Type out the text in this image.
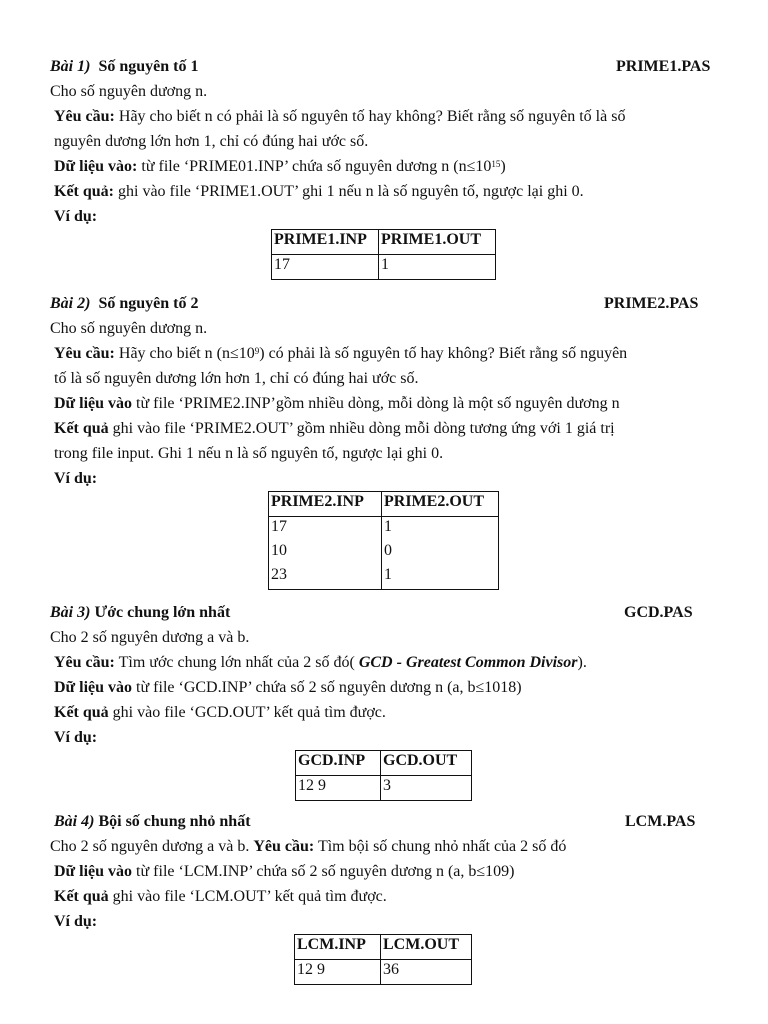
Bài 1) Số nguyên tố 1	PRIME1.PAS
Cho số nguyên dương n.
Yêu cầu: Hãy cho biết n có phải là số nguyên tố hay không? Biết rằng số nguyên tố là số
nguyên dương lớn hơn 1, chỉ có đúng hai ước số.
Dữ liệu vào: từ file ‘PRIME01.INP’ chứa số nguyên dương n $(n\le 10^{15})$
Kết quả: ghi vào file ‘PRIME1.OUT’ ghi 1 nếu n là số nguyên tố, ngược lại ghi 0.
Ví dụ:
PRIME1.INP	PRIME1.OUT
17	1
Bài 2) Số nguyên tố 2	PRIME2.PAS
Cho số nguyên dương n.
Yêu cầu: Hãy cho biết n $(n\le 10^9)$ có phải là số nguyên tố hay không? Biết rằng số nguyên
tố là số nguyên dương lớn hơn 1, chỉ có đúng hai ước số.
Dữ liệu vào từ file ‘PRIME2.INP’gồm nhiều dòng, mỗi dòng là một số nguyên dương n
Kết quả ghi vào file ‘PRIME2.OUT’ gồm nhiều dòng mỗi dòng tương ứng với 1 giá trị
trong file input. Ghi 1 nếu n là số nguyên tố, ngược lại ghi 0.
Ví dụ:
PRIME2.INP	PRIME2.OUT
17	1
10	0
23	1
Bài 3) Ước chung lớn nhất	GCD.PAS
Cho 2 số nguyên dương a và b.
Yêu cầu: Tìm ước chung lớn nhất của 2 số đó( GCD - Greatest Common Divisor).
Dữ liệu vào từ file ‘GCD.INP’ chứa số 2 số nguyên dương n (a, b≤1018)
Kết quả ghi vào file ‘GCD.OUT’ kết quả tìm được.
Ví dụ:
GCD.INP	GCD.OUT
12 9	3
Bài 4) Bội số chung nhỏ nhất	LCM.PAS
Cho 2 số nguyên dương a và b. Yêu cầu: Tìm bội số chung nhỏ nhất của 2 số đó
Dữ liệu vào từ file ‘LCM.INP’ chứa số 2 số nguyên dương n (a, b≤109)
Kết quả ghi vào file ‘LCM.OUT’ kết quả tìm được.
Ví dụ:
LCM.INP	LCM.OUT
12 9	36
